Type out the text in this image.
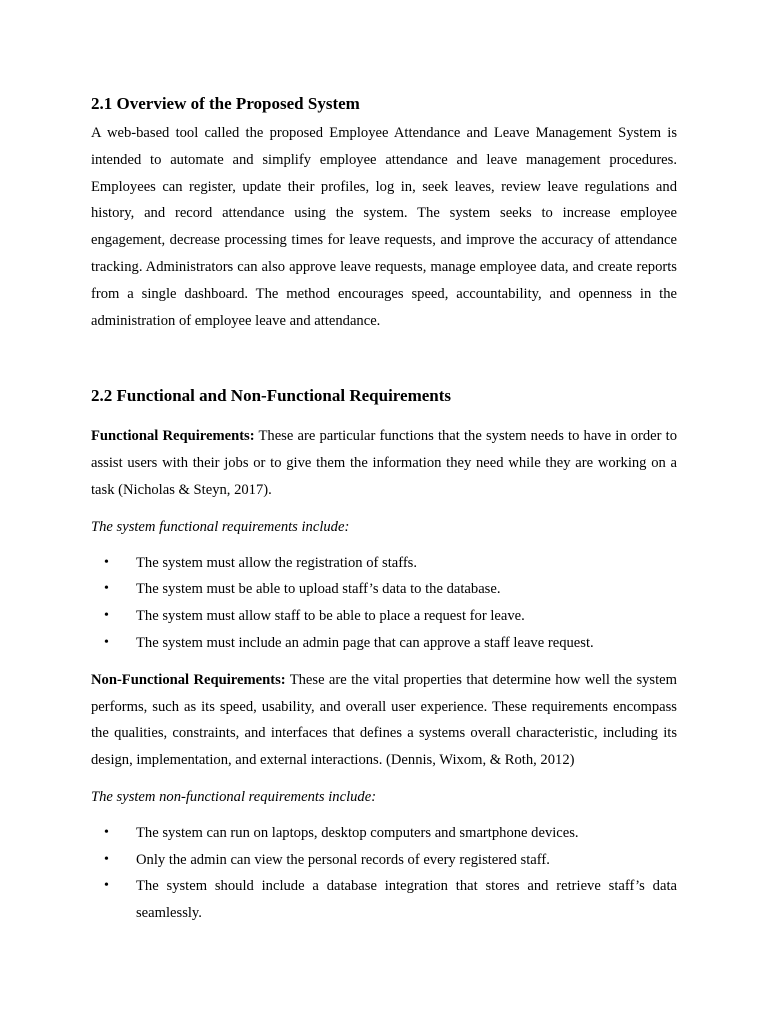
2.1 Overview of the Proposed System

A web-based tool called the proposed Employee Attendance and Leave Management System is intended to automate and simplify employee attendance and leave management procedures. Employees can register, update their profiles, log in, seek leaves, review leave regulations and history, and record attendance using the system. The system seeks to increase employee engagement, decrease processing times for leave requests, and improve the accuracy of attendance tracking. Administrators can also approve leave requests, manage employee data, and create reports from a single dashboard. The method encourages speed, accountability, and openness in the administration of employee leave and attendance.

2.2 Functional and Non-Functional Requirements

Functional Requirements: These are particular functions that the system needs to have in order to assist users with their jobs or to give them the information they need while they are working on a task (Nicholas & Steyn, 2017).

The system functional requirements include:

• The system must allow the registration of staffs.
• The system must be able to upload staff’s data to the database.
• The system must allow staff to be able to place a request for leave.
• The system must include an admin page that can approve a staff leave request.

Non-Functional Requirements: These are the vital properties that determine how well the system performs, such as its speed, usability, and overall user experience. These requirements encompass the qualities, constraints, and interfaces that defines a systems overall characteristic, including its design, implementation, and external interactions. (Dennis, Wixom, & Roth, 2012)

The system non-functional requirements include:

• The system can run on laptops, desktop computers and smartphone devices.
• Only the admin can view the personal records of every registered staff.
• The system should include a database integration that stores and retrieve staff’s data seamlessly.
